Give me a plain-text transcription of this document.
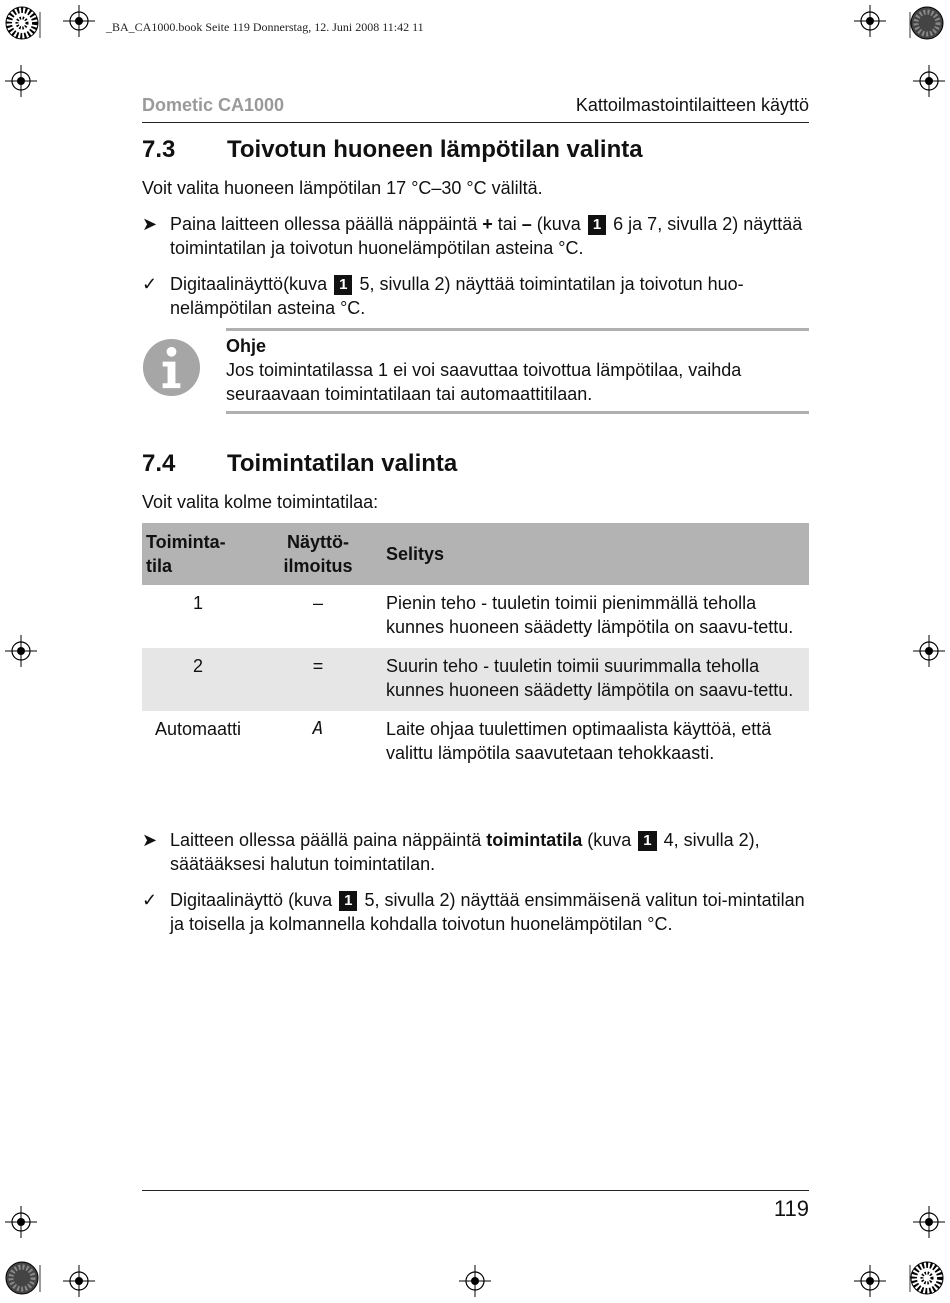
_BA_CA1000.book Seite 119 Donnerstag, 12. Juni 2008 11:42 11
Dometic CA1000	Kattoilmastointilaitteen käyttö
7.3 Toivotun huoneen lämpötilan valinta
Voit valita huoneen lämpötilan 17 °C–30 °C väliltä.
➤ Paina laitteen ollessa päällä näppäintä + tai – (kuva 1 6 ja 7, sivulla 2) näyttää toimintatilan ja toivotun huonelämpötilan asteina °C.
✓ Digitaalinäyttö(kuva 1 5, sivulla 2) näyttää toimintatilan ja toivotun huo-nelämpötilan asteina °C.
Ohje
Jos toimintatilassa 1 ei voi saavuttaa toivottua lämpötilaa, vaihda seuraavaan toimintatilaan tai automaattitilaan.
7.4 Toimintatilan valinta
Voit valita kolme toimintatilaa:
Toiminta-tila	Näyttö-ilmoitus	Selitys
1	–	Pienin teho - tuuletin toimii pienimmällä teholla kunnes huoneen säädetty lämpötila on saavu-tettu.
2	=	Suurin teho - tuuletin toimii suurimmalla teholla kunnes huoneen säädetty lämpötila on saavu-tettu.
Automaatti	A	Laite ohjaa tuulettimen optimaalista käyttöä, että valittu lämpötila saavutetaan tehokkaasti.
➤ Laitteen ollessa päällä paina näppäintä toimintatila (kuva 1 4, sivulla 2), säätääksesi halutun toimintatilan.
✓ Digitaalinäyttö (kuva 1 5, sivulla 2) näyttää ensimmäisenä valitun toi-mintatilan ja toisella ja kolmannella kohdalla toivotun huonelämpötilan °C.
119
